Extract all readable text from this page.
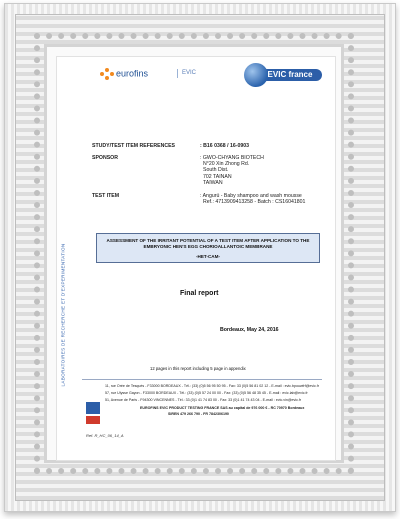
eurofins	EVIC	EVIC france
LABORATOIRES DE RECHERCHE ET D'EXPERIMENTATION
STUDY/TEST ITEM REFERENCES	: B16 0368 / 16-0903
SPONSOR	: GWO-CHYANG BIOTECH
N°20 Xin Zhong Rd.
South Dist.
702 TAINAN
TAIWAN
TEST ITEM	: Angurú - Baby shampoo and wash mousse
Ref.: 4713909413258 - Batch : CS16041801
ASSESSMENT OF THE IRRITANT POTENTIAL OF A TEST ITEM AFTER APPLICATION TO THE EMBRYONIC HEN'S EGG CHORIOALLANTOIC MEMBRANE
-HET-CAM-
Final report
Bordeaux, May 24, 2016
12 pages in this report including 5 page in appendix
11, rue Orée de Tesqués - F33000 BORDEAUX - Tél.: (33) (0)5 56 95 50 95 - Fax: 33 (0)5 56 81 02 12 - E-mail : evic.bpouwfrf@evic.fr
57, rue Ulysse Gayon - F33000 BORDEAUX - Tél.: (33) (0)5 57 24 00 00 - Fax: (33) (0)5 56 48 35 45 - E-mail : evic.lab@evic.fr
51, Avenue de Paris - F94300 VINCENNES - Tél.: 33 (0)1 41 74 83 00 - Fax: 33 (0)1 41 74 43 04 - E-mail : evic.vin@evic.fr
EUROFINS EVIC PRODUCT TESTING FRANCE SAS au capital de 976 000 € - RC 70970 Bordeaux
SIREN 479 266 790 - FR 7842306190
Ref. R_HC_06_14_A
